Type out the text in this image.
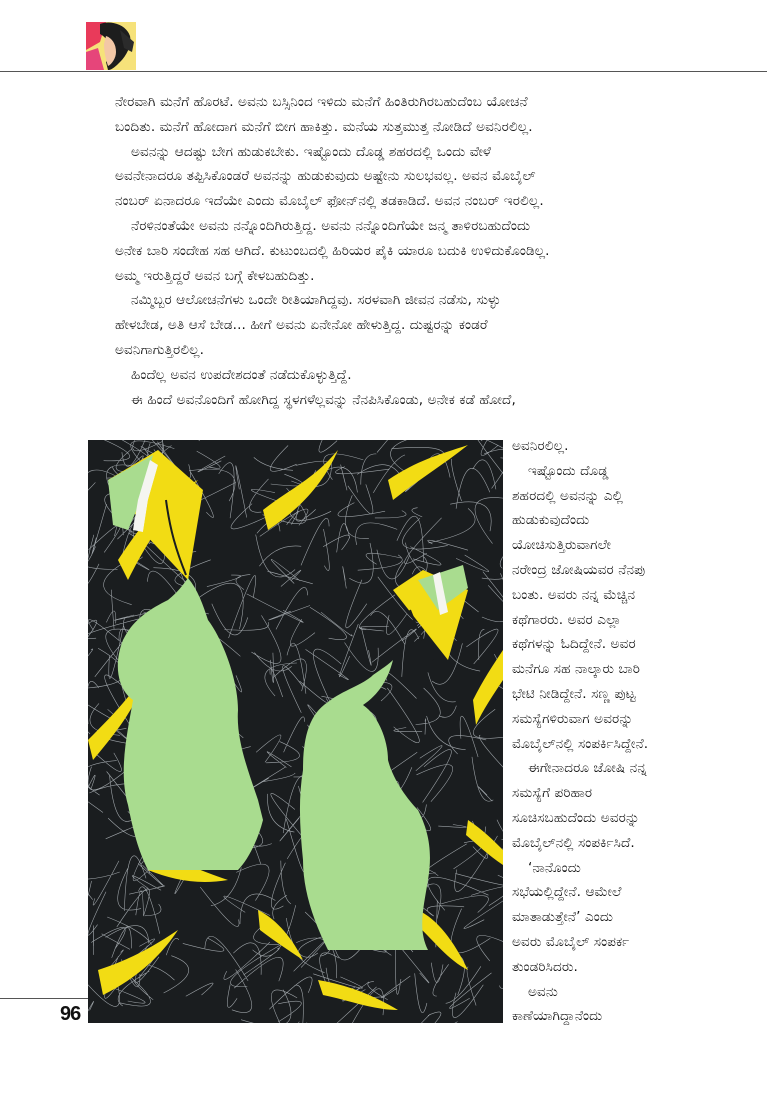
ನೇರವಾಗಿ ಮನೆಗೆ ಹೊರಟೆ. ಅವನು ಬಸ್ಸಿನಿಂದ ಇಳಿದು ಮನೆಗೆ ಹಿಂತಿರುಗಿರಬಹುದೆಂಬ ಯೋಚನೆ
ಬಂದಿತು. ಮನೆಗೆ ಹೋದಾಗ ಮನೆಗೆ ಬೀಗ ಹಾಕಿತ್ತು. ಮನೆಯ ಸುತ್ತಮುತ್ತ ನೋಡಿದೆ ಅವನಿರಲಿಲ್ಲ.
ಅವನನ್ನು ಆದಷ್ಟು ಬೇಗ ಹುಡುಕಬೇಕು. ಇಷ್ಟೊಂದು ದೊಡ್ಡ ಶಹರದಲ್ಲಿ ಒಂದು ವೇಳೆ
ಅವನೇನಾದರೂ ತಪ್ಪಿಸಿಕೊಂಡರೆ ಅವನನ್ನು ಹುಡುಕುವುದು ಅಷ್ಟೇನು ಸುಲಭವಲ್ಲ. ಅವನ ಮೊಬೈಲ್
ನಂಬರ್ ಏನಾದರೂ ಇದೆಯೇ ಎಂದು ಮೊಬೈಲ್ ಫೋನ್‌ನಲ್ಲಿ ತಡಕಾಡಿದೆ. ಅವನ ನಂಬರ್ ಇರಲಿಲ್ಲ.
ನೆರಳಿನಂತೆಯೇ ಅವನು ನನ್ನೊಂದಿಗಿರುತ್ತಿದ್ದ. ಅವನು ನನ್ನೊಂದಿಗೆಯೇ ಜನ್ಮ ತಾಳಿರಬಹುದೆಂದು
ಅನೇಕ ಬಾರಿ ಸಂದೇಹ ಸಹ ಆಗಿದೆ. ಕುಟುಂಬದಲ್ಲಿ ಹಿರಿಯರ ಪೈಕಿ ಯಾರೂ ಬದುಕಿ ಉಳಿದುಕೊಂಡಿಲ್ಲ.
ಅಮ್ಮ ಇರುತ್ತಿದ್ದರೆ ಅವನ ಬಗ್ಗೆ ಕೇಳಬಹುದಿತ್ತು.
ನಮ್ಮಿಬ್ಬರ ಆಲೋಚನೆಗಳು ಒಂದೇ ರೀತಿಯಾಗಿದ್ದವು. ಸರಳವಾಗಿ ಜೀವನ ನಡೆಸು, ಸುಳ್ಳು
ಹೇಳಬೇಡ, ಅತಿ ಆಸೆ ಬೇಡ... ಹೀಗೆ ಅವನು ಏನೇನೋ ಹೇಳುತ್ತಿದ್ದ. ದುಷ್ಟರನ್ನು ಕಂಡರೆ
ಅವನಿಗಾಗುತ್ತಿರಲಿಲ್ಲ.
ಹಿಂದೆಲ್ಲ ಅವನ ಉಪದೇಶದಂತೆ ನಡೆದುಕೊಳ್ಳುತ್ತಿದ್ದೆ.
ಈ ಹಿಂದೆ ಅವನೊಂದಿಗೆ ಹೋಗಿದ್ದ ಸ್ಥಳಗಳೆಲ್ಲವನ್ನು ನೆನಪಿಸಿಕೊಂಡು, ಅನೇಕ ಕಡೆ ಹೋದೆ,
ಅವನಿರಲಿಲ್ಲ.
ಇಷ್ಟೊಂದು ದೊಡ್ಡ
ಶಹರದಲ್ಲಿ ಅವನನ್ನು ಎಲ್ಲಿ
ಹುಡುಕುವುದೆಂದು
ಯೋಚಿಸುತ್ತಿರುವಾಗಲೇ
ನರೇಂದ್ರ ಜೋಷಿಯವರ ನೆನಪು
ಬಂತು. ಅವರು ನನ್ನ ಮೆಚ್ಚಿನ
ಕಥೆಗಾರರು. ಅವರ ಎಲ್ಲಾ
ಕಥೆಗಳನ್ನು ಓದಿದ್ದೇನೆ. ಅವರ
ಮನೆಗೂ ಸಹ ನಾಲ್ಕಾರು ಬಾರಿ
ಭೇಟಿ ನೀಡಿದ್ದೇನೆ. ಸಣ್ಣ ಪುಟ್ಟ
ಸಮಸ್ಯೆಗಳಿರುವಾಗ ಅವರನ್ನು
ಮೊಬೈಲ್‌ನಲ್ಲಿ ಸಂಪರ್ಕಿಸಿದ್ದೇನೆ.
ಈಗೇನಾದರೂ ಜೋಷಿ ನನ್ನ
ಸಮಸ್ಯೆಗೆ ಪರಿಹಾರ
ಸೂಚಿಸಬಹುದೆಂದು ಅವರನ್ನು
ಮೊಬೈಲ್‌ನಲ್ಲಿ ಸಂಪರ್ಕಿಸಿದೆ.
‘ನಾನೊಂದು
ಸಭೆಯಲ್ಲಿದ್ದೇನೆ. ಆಮೇಲೆ
ಮಾತಾಡುತ್ತೇನೆ’ ಎಂದು
ಅವರು ಮೊಬೈಲ್ ಸಂಪರ್ಕ
ತುಂಡರಿಸಿದರು.
ಅವನು
ಕಾಣೆಯಾಗಿದ್ದಾನೆಂದು
96
